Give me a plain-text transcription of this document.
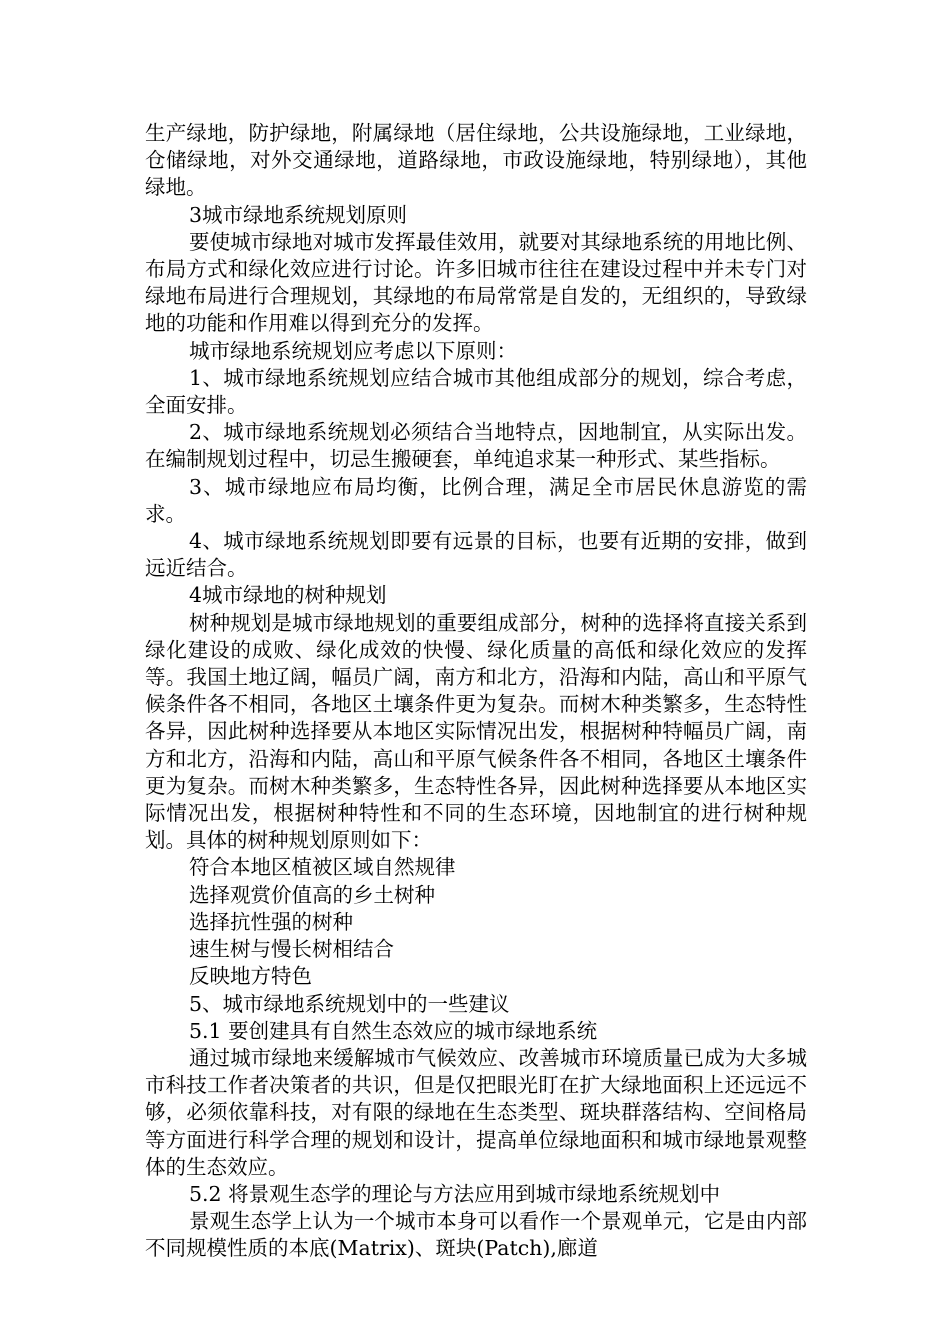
生产绿地，防护绿地，附属绿地（居住绿地，公共设施绿地，工业绿地，仓储绿地，对外交通绿地，道路绿地，市政设施绿地，特别绿地），其他绿地。

3城市绿地系统规划原则

要使城市绿地对城市发挥最佳效用，就要对其绿地系统的用地比例、布局方式和绿化效应进行讨论。许多旧城市往往在建设过程中并未专门对绿地布局进行合理规划，其绿地的布局常常是自发的，无组织的，导致绿地的功能和作用难以得到充分的发挥。

城市绿地系统规划应考虑以下原则：

1、城市绿地系统规划应结合城市其他组成部分的规划，综合考虑，全面安排。

2、城市绿地系统规划必须结合当地特点，因地制宜，从实际出发。在编制规划过程中，切忌生搬硬套，单纯追求某一种形式、某些指标。

3、城市绿地应布局均衡，比例合理，满足全市居民休息游览的需求。

4、城市绿地系统规划即要有远景的目标，也要有近期的安排，做到远近结合。

4城市绿地的树种规划

树种规划是城市绿地规划的重要组成部分，树种的选择将直接关系到绿化建设的成败、绿化成效的快慢、绿化质量的高低和绿化效应的发挥等。我国土地辽阔，幅员广阔，南方和北方，沿海和内陆，高山和平原气候条件各不相同，各地区土壤条件更为复杂。而树木种类繁多，生态特性各异，因此树种选择要从本地区实际情况出发，根据树种特幅员广阔，南方和北方，沿海和内陆，高山和平原气候条件各不相同，各地区土壤条件更为复杂。而树木种类繁多，生态特性各异，因此树种选择要从本地区实际情况出发，根据树种特性和不同的生态环境，因地制宜的进行树种规划。具体的树种规划原则如下：

符合本地区植被区域自然规律

选择观赏价值高的乡土树种

选择抗性强的树种

速生树与慢长树相结合

反映地方特色

5、城市绿地系统规划中的一些建议

5.1 要创建具有自然生态效应的城市绿地系统

通过城市绿地来缓解城市气候效应、改善城市环境质量已成为大多城市科技工作者决策者的共识，但是仅把眼光盯在扩大绿地面积上还远远不够，必须依靠科技，对有限的绿地在生态类型、斑块群落结构、空间格局等方面进行科学合理的规划和设计，提高单位绿地面积和城市绿地景观整体的生态效应。

5.2 将景观生态学的理论与方法应用到城市绿地系统规划中

景观生态学上认为一个城市本身可以看作一个景观单元，它是由内部不同规模性质的本底(Matrix)、斑块(Patch),廊道
